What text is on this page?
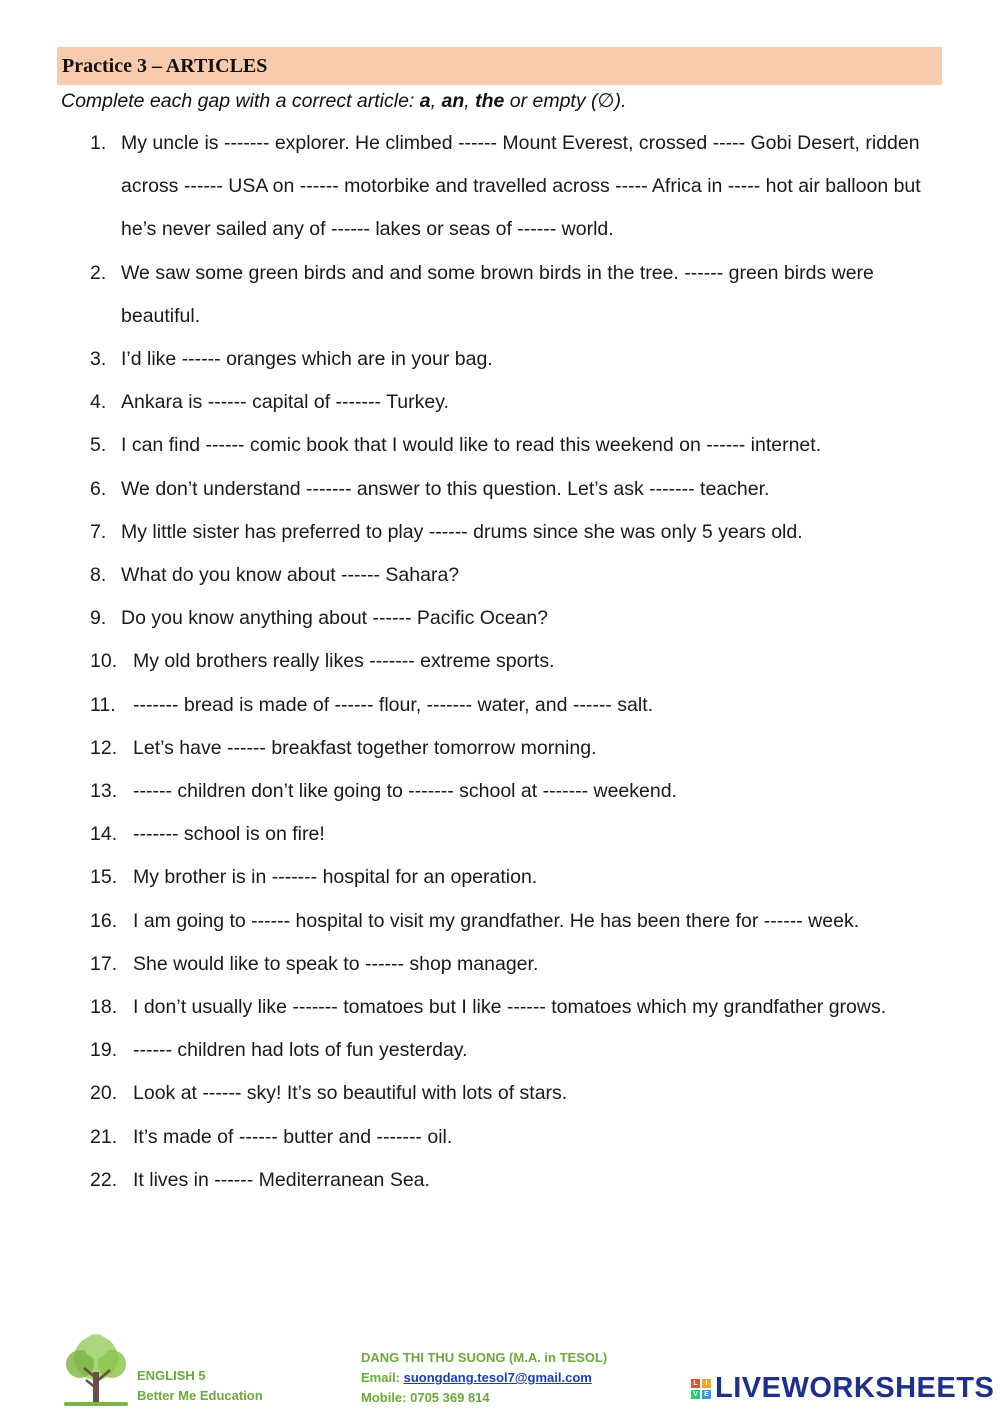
Practice 3 – ARTICLES
Complete each gap with a correct article: a, an, the or empty (∅).
1. My uncle is ------- explorer. He climbed ------ Mount Everest, crossed ----- Gobi Desert, ridden across ------ USA on ------ motorbike and travelled across ----- Africa in ----- hot air balloon but he’s never sailed any of ------ lakes or seas of ------ world.
2. We saw some green birds and and some brown birds in the tree. ------ green birds were beautiful.
3. I’d like ------ oranges which are in your bag.
4. Ankara is ------ capital of ------- Turkey.
5. I can find ------ comic book that I would like to read this weekend on ------ internet.
6. We don’t understand ------- answer to this question. Let’s ask ------- teacher.
7. My little sister has preferred to play ------ drums since she was only 5 years old.
8. What do you know about ------ Sahara?
9. Do you know anything about ------ Pacific Ocean?
10. My old brothers really likes ------- extreme sports.
11. ------- bread is made of ------ flour, ------- water, and ------ salt.
12. Let’s have ------ breakfast together tomorrow morning.
13. ------ children don’t like going to ------- school at ------- weekend.
14. ------- school is on fire!
15. My brother is in ------- hospital for an operation.
16. I am going to ------ hospital to visit my grandfather. He has been there for ------ week.
17. She would like to speak to ------ shop manager.
18. I don’t usually like ------- tomatoes but I like ------ tomatoes which my grandfather grows.
19. ------ children had lots of fun yesterday.
20. Look at ------ sky! It’s so beautiful with lots of stars.
21. It’s made of ------ butter and ------- oil.
22. It lives in ------ Mediterranean Sea.
ENGLISH 5
Better Me Education
DANG THI THU SUONG (M.A. in TESOL)
Email: suongdang.tesol7@gmail.com
Mobile: 0705 369 814
L	I
V E LIVEWORKSHEETS
